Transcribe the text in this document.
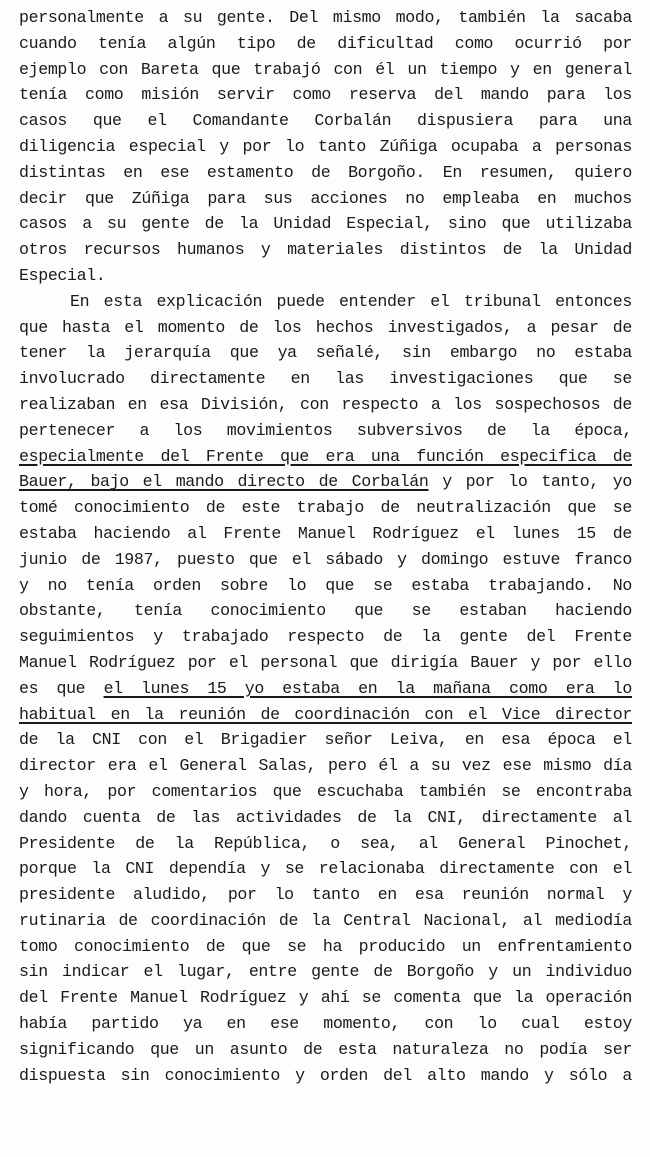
personalmente a su gente. Del mismo modo, también la sacaba
cuando tenía algún tipo de dificultad como ocurrió por
ejemplo con Bareta que trabajó con él un tiempo y en general
tenía como misión servir como reserva del mando para los
casos que el Comandante Corbalán dispusiera para una
diligencia especial y por lo tanto Zúñiga ocupaba a personas
distintas en ese estamento de Borgoño. En resumen, quiero
decir que Zúñiga para sus acciones no empleaba en muchos
casos a su gente de la Unidad Especial, sino que utilizaba
otros recursos humanos y materiales distintos de la Unidad
Especial.
En esta explicación puede entender el tribunal entonces
que hasta el momento de los hechos investigados, a pesar de
tener la jerarquía que ya señalé, sin embargo no estaba
involucrado directamente en las investigaciones que se
realizaban en esa División, con respecto a los sospechosos de
pertenecer a los movimientos subversivos de la época,
especialmente del Frente que era una función especifica de
Bauer, bajo el mando directo de Corbalán y por lo tanto, yo
tomé conocimiento de este trabajo de neutralización que se
estaba haciendo al Frente Manuel Rodríguez el lunes 15 de
junio de 1987, puesto que el sábado y domingo estuve franco
y no tenía orden sobre lo que se estaba trabajando. No
obstante, tenía conocimiento que se estaban haciendo
seguimientos y trabajado respecto de la gente del Frente
Manuel Rodríguez por el personal que dirigía Bauer y por ello
es que el lunes 15 yo estaba en la mañana como era lo
habitual en la reunión de coordinación con el Vice director
de la CNI con el Brigadier señor Leiva, en esa época el
director era el General Salas, pero él a su vez ese mismo día
y hora, por comentarios que escuchaba también se encontraba
dando cuenta de las actividades de la CNI, directamente al
Presidente de la República, o sea, al General Pinochet,
porque la CNI dependía y se relacionaba directamente con el
presidente aludido, por lo tanto en esa reunión normal y
rutinaria de coordinación de la Central Nacional, al mediodía
tomo conocimiento de que se ha producido un enfrentamiento
sin indicar el lugar, entre gente de Borgoño y un individuo
del Frente Manuel Rodríguez y ahí se comenta que la operación
había partido ya en ese momento, con lo cual estoy
significando que un asunto de esta naturaleza no podía ser
dispuesta sin conocimiento y orden del alto mando y sólo a
